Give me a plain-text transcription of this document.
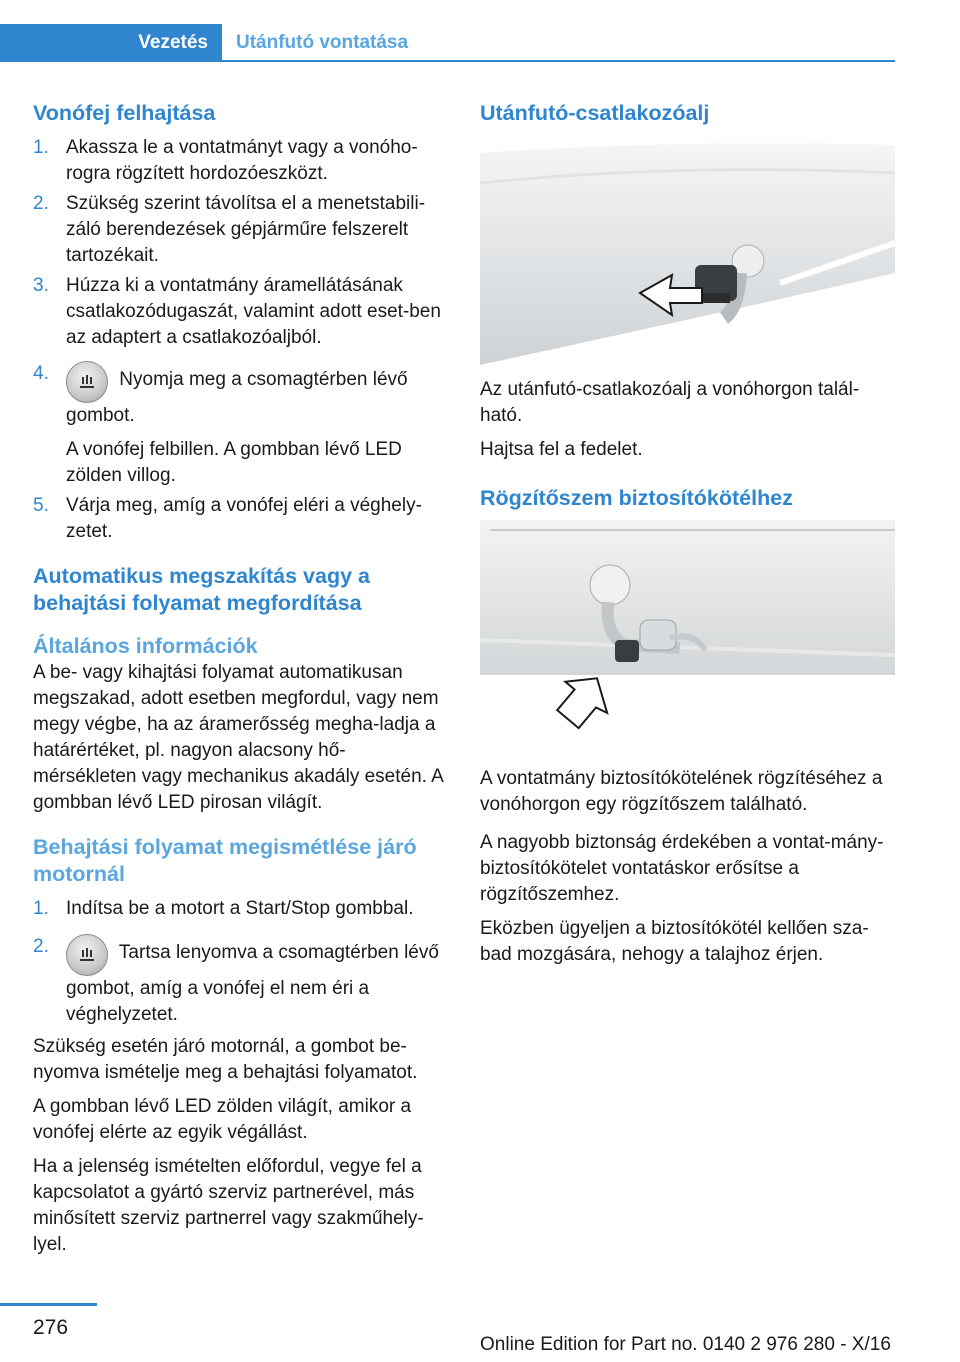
Vezetés	Utánfutó vontatása
Vonófej felhajtása
1. Akassza le a vontatmányt vagy a vonóho-rogra rögzített hordozóeszközt.
2. Szükség szerint távolítsa el a menetstabili-záló berendezések gépjárműre felszerelt tartozékait.
3. Húzza ki a vontatmány áramellátásának csatlakozódugaszát, valamint adott eset-ben az adaptert a csatlakozóaljból.
4.	Nyomja meg a csomagtérben lévő gombot.

A vonófej felbillen. A gombban lévő LED zölden villog.

5. Várja meg, amíg a vonófej eléri a véghely-zetet.
Automatikus megszakítás vagy a behajtási folyamat megfordítása
Általános információk

A be- vagy kihajtási folyamat automatikusan megszakad, adott esetben megfordul, vagy nem megy végbe, ha az áramerősség megha-ladja a határértéket, pl. nagyon alacsony hő-mérsékleten vagy mechanikus akadály esetén. A gombban lévő LED pirosan világít.

Behajtási folyamat megismétlése járó motornál
1. Indítsa be a motort a Start/Stop gombbal.
2.	Tartsa lenyomva a csomagtérben lévő gombot, amíg a vonófej el nem éri a véghelyzetet.

Szükség esetén járó motornál, a gombot be-nyomva ismételje meg a behajtási folyamatot.

A gombban lévő LED zölden világít, amikor a vonófej elérte az egyik végállást.

Ha a jelenség ismételten előfordul, vegye fel a kapcsolatot a gyártó szerviz partnerével, más minősített szerviz partnerrel vagy szakműhely-lyel.

Utánfutó-csatlakozóalj

Az utánfutó-csatlakozóalj a vonóhorgon talál-ható.

Hajtsa fel a fedelet.

Rögzítőszem biztosítókötélhez

A vontatmány biztosítókötelének rögzítéséhez a vonóhorgon egy rögzítőszem található.

A nagyobb biztonság érdekében a vontat-mány-biztosítókötelet vontatáskor erősítse a rögzítőszemhez.

Eközben ügyeljen a biztosítókötél kellően sza-bad mozgására, nehogy a talajhoz érjen.

276
Online Edition for Part no. 0140 2 976 280 - X/16
